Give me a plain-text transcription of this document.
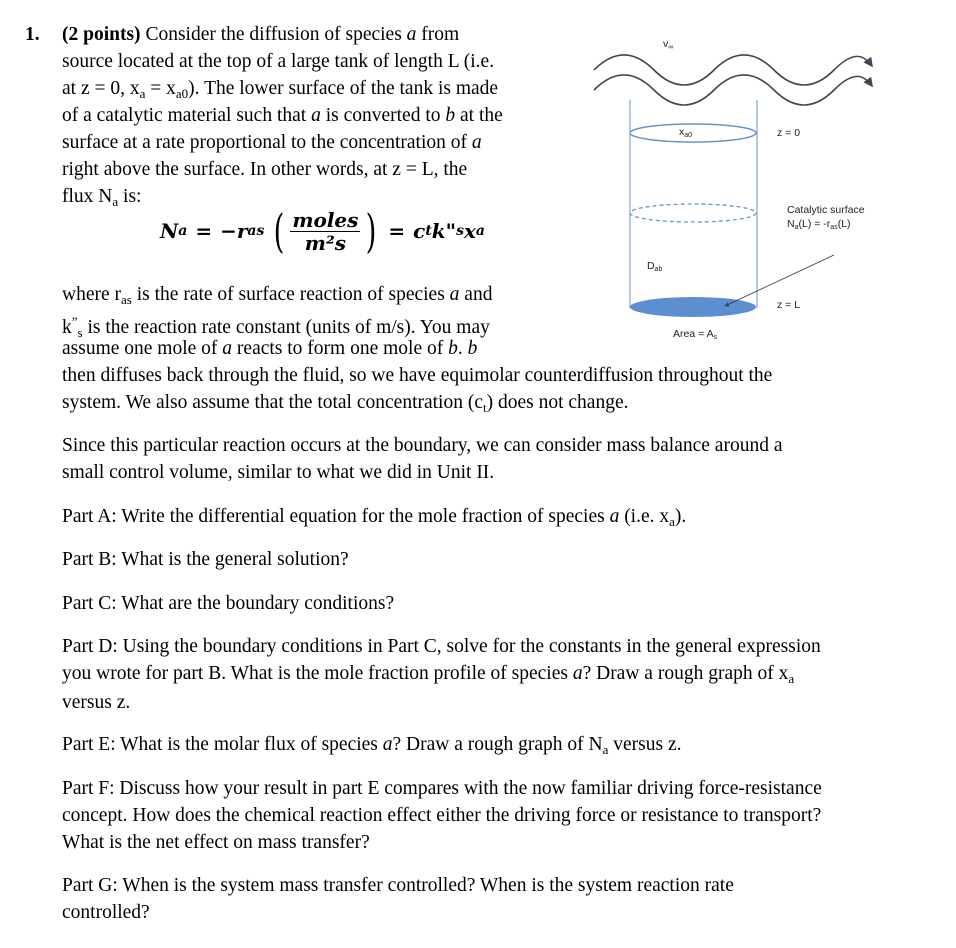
1. (2 points) Consider the diffusion of species a from
source located at the top of a large tank of length L (i.e.
at z = 0, $x_a = x_{a0}$). The lower surface of the tank is made
of a catalytic material such that a is converted to b at the
surface at a rate proportional to the concentration of a
right above the surface. In other words, at z = L, the
flux $N_a$ is:
where $r_{as}$ is the rate of surface reaction of species a and
$k^”_s$ is the reaction rate constant (units of m/s). You may
assume one mole of a reacts to form one mole of b. b
then diffuses back through the fluid, so we have equimolar counterdiffusion throughout the
system. We also assume that the total concentration $(c_t)$ does not change.
Since this particular reaction occurs at the boundary, we can consider mass balance around a
small control volume, similar to what we did in Unit II.
Part A: Write the differential equation for the mole fraction of species a (i.e. $x_a$).
Part B: What is the general solution?
Part C: What are the boundary conditions?
Part D: Using the boundary conditions in Part C, solve for the constants in the general expression
you wrote for part B. What is the mole fraction profile of species a? Draw a rough graph of $x_a$
versus z.
Part E: What is the molar flux of species a? Draw a rough graph of $N_a$ versus z.
Part F: Discuss how your result in part E compares with the now familiar driving force-resistance
concept. How does the chemical reaction effect either the driving force or resistance to transport?
What is the net effect on mass transfer?
Part G: When is the system mass transfer controlled? When is the system reaction rate
controlled?
N a = −r as ( $\frac{\text{moles}}{\text{m²s}}$ ) = c t k" s x a
$v_\infty$
$x_{a0}$	z = 0
Catalytic surface
$N_a(L) = -r_{as}(L)$
$D_{ab}$
z = L
Area = $A_s$
